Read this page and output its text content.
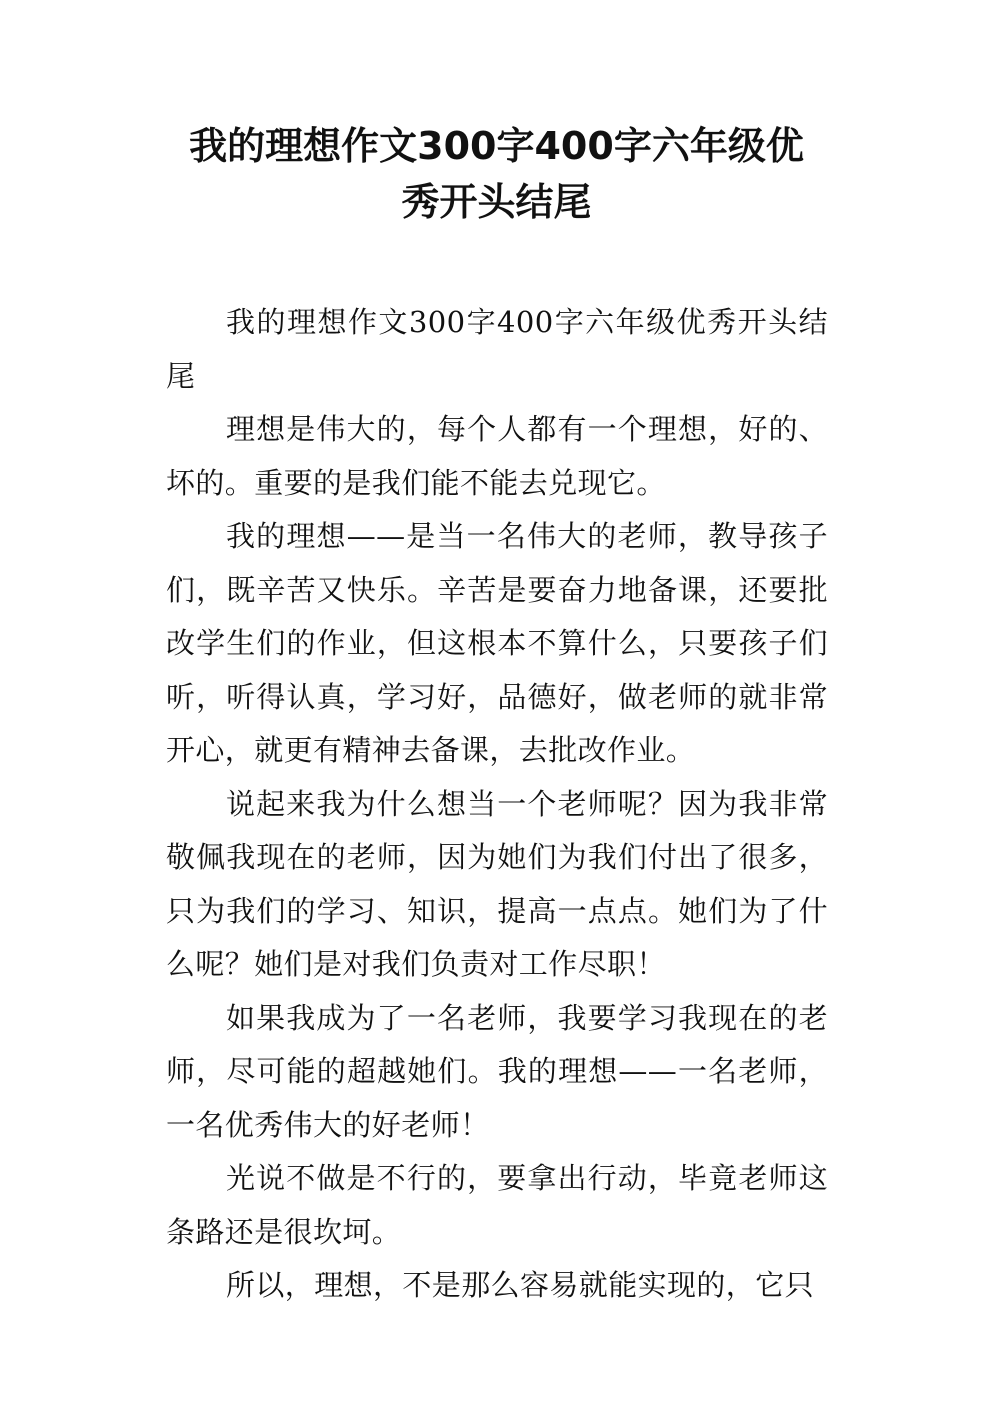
我的理想作文300字400字六年级优
秀开头结尾

我的理想作文300字400字六年级优秀开头结尾

理想是伟大的，每个人都有一个理想，好的、坏的。重要的是我们能不能去兑现它。

我的理想——是当一名伟大的老师，教导孩子们，既辛苦又快乐。辛苦是要奋力地备课，还要批改学生们的作业，但这根本不算什么，只要孩子们听，听得认真，学习好，品德好，做老师的就非常开心，就更有精神去备课，去批改作业。

说起来我为什么想当一个老师呢？因为我非常敬佩我现在的老师，因为她们为我们付出了很多，只为我们的学习、知识，提高一点点。她们为了什么呢？她们是对我们负责对工作尽职！

如果我成为了一名老师，我要学习我现在的老师，尽可能的超越她们。我的理想——一名老师，一名优秀伟大的好老师！

光说不做是不行的，要拿出行动，毕竟老师这条路还是很坎坷。

所以，理想，不是那么容易就能实现的，它只
